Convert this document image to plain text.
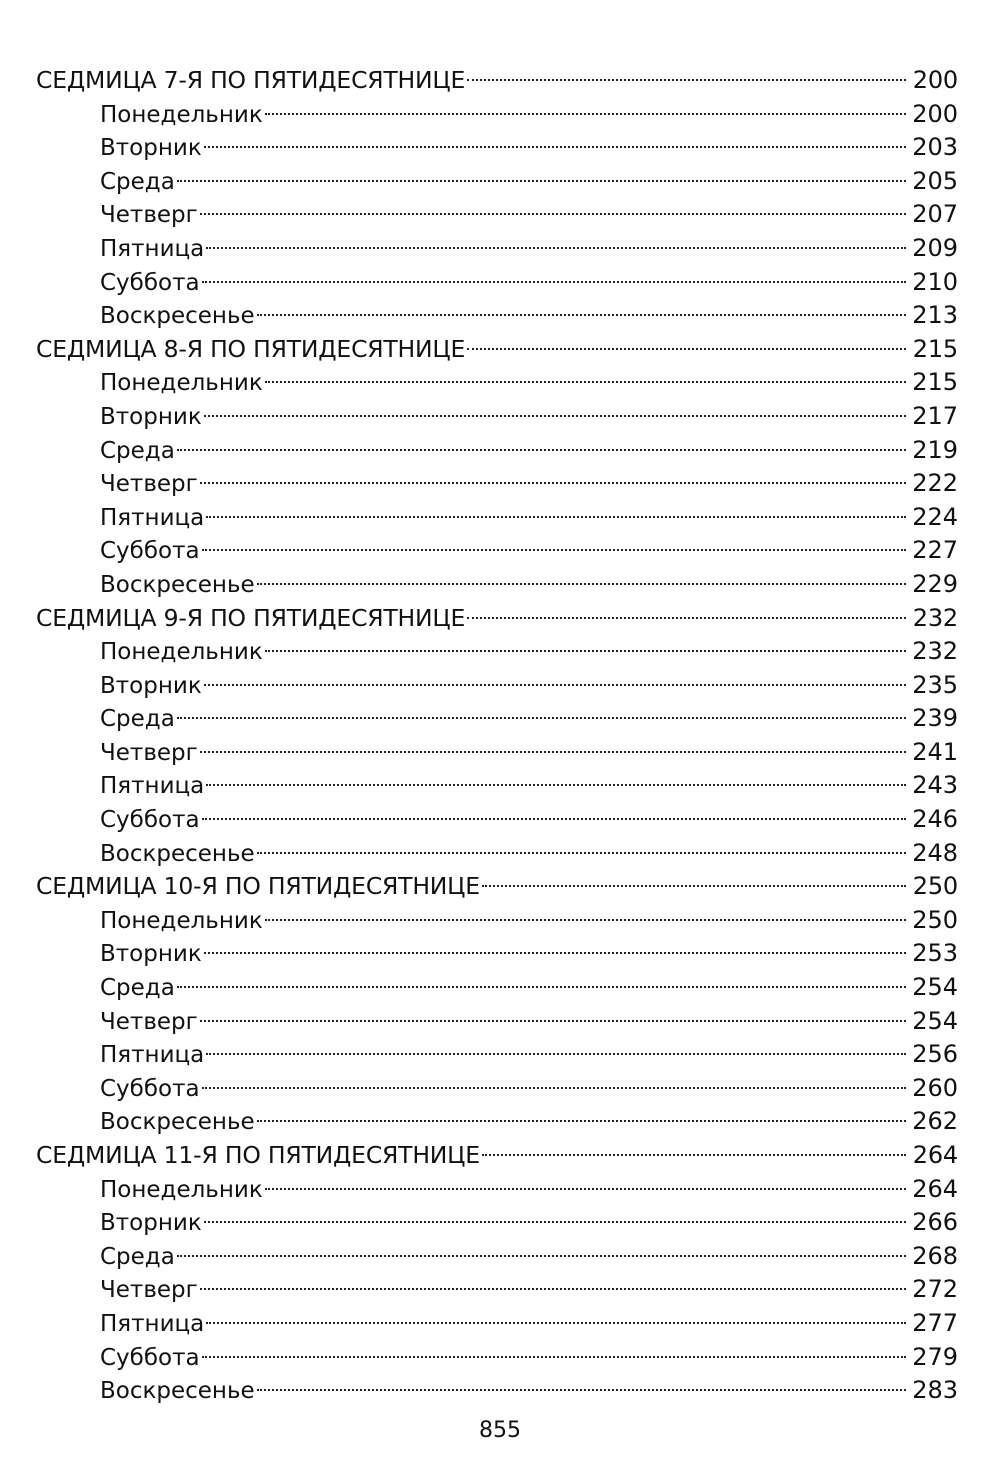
СЕДМИЦА 7-Я ПО ПЯТИДЕСЯТНИЦЕ	200
Понедельник	200
Вторник	203
Среда	205
Четверг	207
Пятница	209
Суббота	210
Воскресенье	213
СЕДМИЦА 8-Я ПО ПЯТИДЕСЯТНИЦЕ	215
Понедельник	215
Вторник	217
Среда	219
Четверг	222
Пятница	224
Суббота	227
Воскресенье	229
СЕДМИЦА 9-Я ПО ПЯТИДЕСЯТНИЦЕ	232
Понедельник	232
Вторник	235
Среда	239
Четверг	241
Пятница	243
Суббота	246
Воскресенье	248
СЕДМИЦА 10-Я ПО ПЯТИДЕСЯТНИЦЕ	250
Понедельник	250
Вторник	253
Среда	254
Четверг	254
Пятница	256
Суббота	260
Воскресенье	262
СЕДМИЦА 11-Я ПО ПЯТИДЕСЯТНИЦЕ	264
Понедельник	264
Вторник	266
Среда	268
Четверг	272
Пятница	277
Суббота	279
Воскресенье	283
855
